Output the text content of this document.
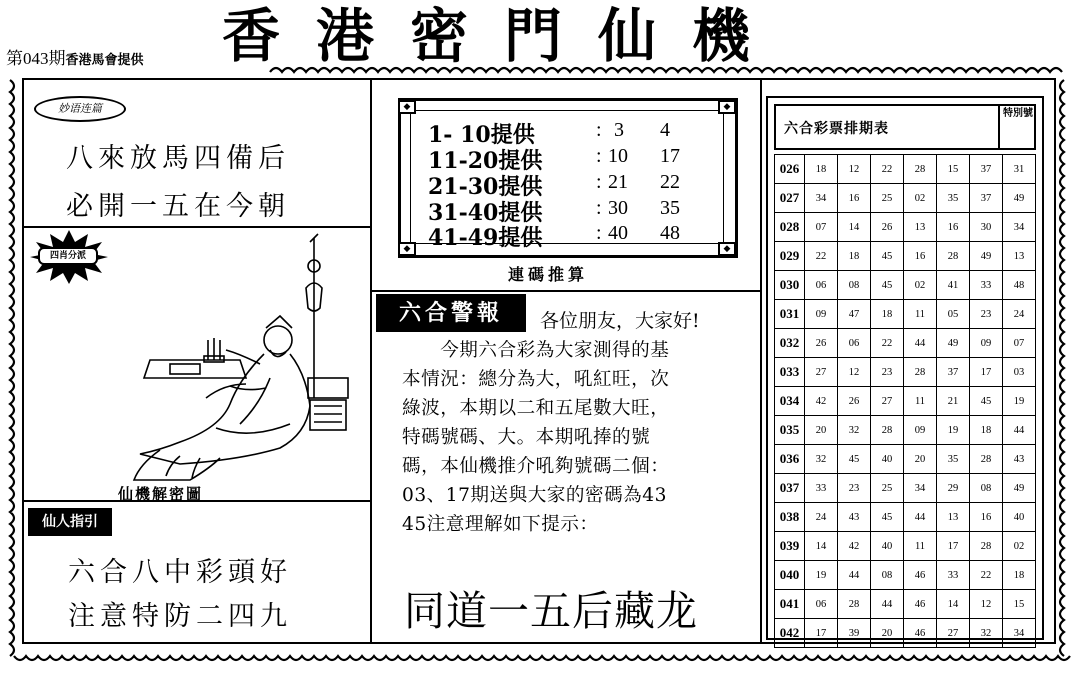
第043期香港馬會提供 香港密門仙機
妙语连篇
八來放馬四備后
必開一五在今朝
四肖分派
仙機解密圖
仙人指引
六合八中彩頭好
注意特防二四九
◆	◆
◆	◆
1- 10提供	: 3 4
11-20提供	: 10 17
21-30提供	: 21 22
31-40提供	: 30 35
41-49提供	: 40 48
連碼推算
六合警報	各位朋友，大家好!
　　今期六合彩為大家測得的基
本情況：總分為大，吼紅旺，次
綠波，本期以二和五尾數大旺，
特碼號碼、大。本期吼捧的號
碼，本仙機推介吼夠號碼二個：
03、17期送與大家的密碼為43
45注意理解如下提示：
同道一五后藏龙
六合彩票排期表
特別號
026	18	12	22	28	15	37	31
027	34	16	25	02	35	37	49
028	07	14	26	13	16	30	34
029	22	18	45	16	28	49	13
030	06	08	45	02	41	33	48
031	09	47	18	11	05	23	24
032	26	06	22	44	49	09	07
033	27	12	23	28	37	17	03
034	42	26	27	11	21	45	19
035	20	32	28	09	19	18	44
036	32	45	40	20	35	28	43
037	33	23	25	34	29	08	49
038	24	43	45	44	13	16	40
039	14	42	40	11	17	28	02
040	19	44	08	46	33	22	18
041	06	28	44	46	14	12	15
042	17	39	20	46	27	32	34
